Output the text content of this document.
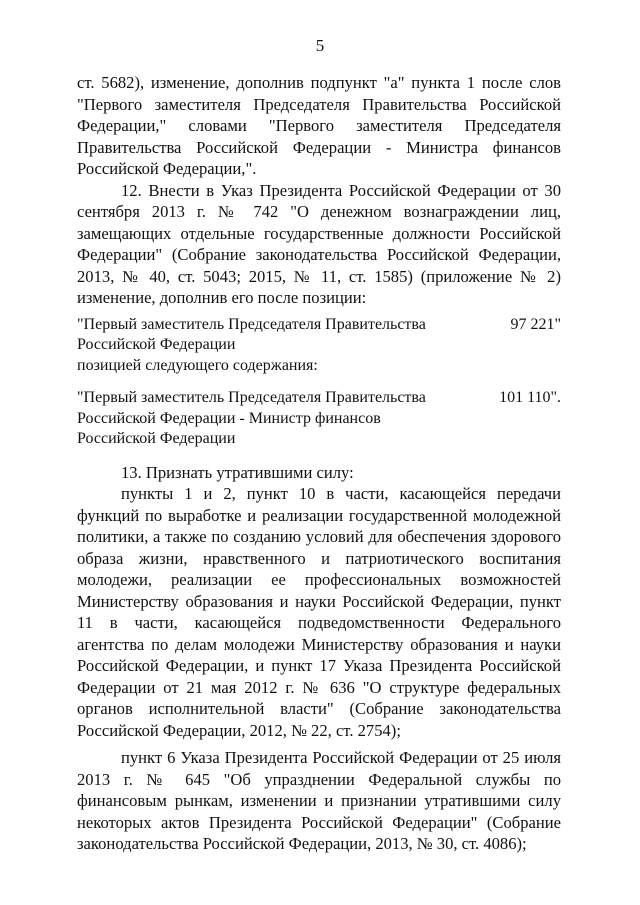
5

ст. 5682), изменение, дополнив подпункт "а" пункта 1 после слов "Первого заместителя Председателя Правительства Российской Федерации," словами "Первого заместителя Председателя Правительства Российской Федерации - Министра финансов Российской Федерации,".

12. Внести в Указ Президента Российской Федерации от 30 сентября 2013 г. № 742 "О денежном вознаграждении лиц, замещающих отдельные государственные должности Российской Федерации" (Собрание законодательства Российской Федерации, 2013, № 40, ст. 5043; 2015, № 11, ст. 1585) (приложение № 2) изменение, дополнив его после позиции:

"Первый заместитель Председателя Правительства
Российской Федерации
97 221"

позицией следующего содержания:

"Первый заместитель Председателя Правительства
Российской Федерации - Министр финансов
Российской Федерации
101 110".

13. Признать утратившими силу:

пункты 1 и 2, пункт 10 в части, касающейся передачи функций по выработке и реализации государственной молодежной политики, а также по созданию условий для обеспечения здорового образа жизни, нравственного и патриотического воспитания молодежи, реализации ее профессиональных возможностей Министерству образования и науки Российской Федерации, пункт 11 в части, касающейся подведомственности Федерального агентства по делам молодежи Министерству образования и науки Российской Федерации, и пункт 17 Указа Президента Российской Федерации от 21 мая 2012 г. № 636 "О структуре федеральных органов исполнительной власти" (Собрание законодательства Российской Федерации, 2012, № 22, ст. 2754);

пункт 6 Указа Президента Российской Федерации от 25 июля 2013 г. № 645 "Об упразднении Федеральной службы по финансовым рынкам, изменении и признании утратившими силу некоторых актов Президента Российской Федерации" (Собрание законодательства Российской Федерации, 2013, № 30, ст. 4086);
